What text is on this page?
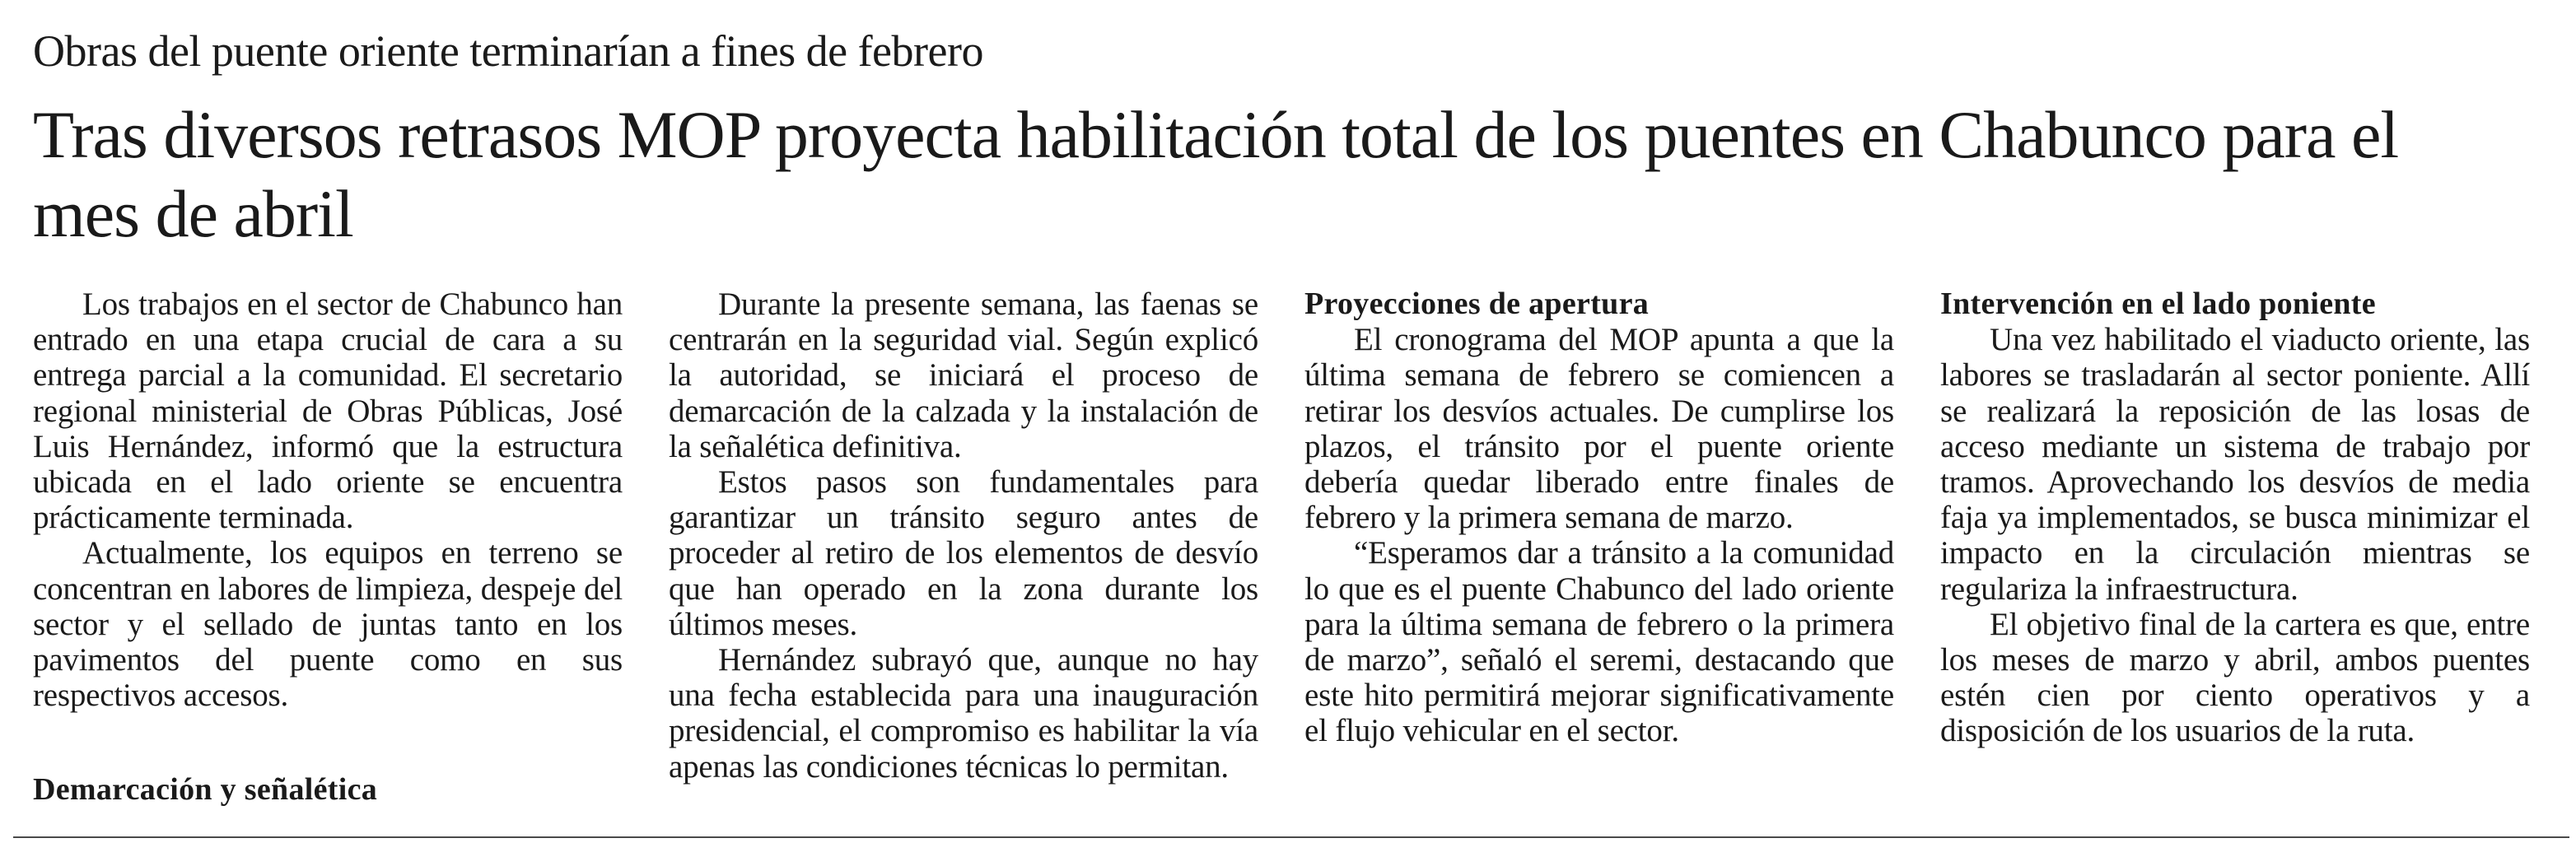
Obras del puente oriente terminarían a fines de febrero
Tras diversos retrasos MOP proyecta habilitación total de los puentes en Chabunco para el mes de abril

Los trabajos en el sector de Chabunco han entrado en una etapa crucial de cara a su entrega parcial a la comunidad. El secretario regional ministerial de Obras Públicas, José Luis Hernández, informó que la estructura ubicada en el lado oriente se encuentra prácticamente terminada.

Actualmente, los equipos en terreno se concentran en labores de limpieza, despeje del sector y el sellado de juntas tanto en los pavimentos del puente como en sus respectivos accesos.

Demarcación y señalética

Durante la presente semana, las faenas se centrarán en la seguridad vial. Según explicó la autoridad, se iniciará el proceso de demarcación de la calzada y la instalación de la señalética definitiva.

Estos pasos son fundamentales para garantizar un tránsito seguro antes de proceder al retiro de los elementos de desvío que han operado en la zona durante los últimos meses.

Hernández subrayó que, aunque no hay una fecha establecida para una inauguración presidencial, el compromiso es habilitar la vía apenas las condiciones técnicas lo permitan.

Proyecciones de apertura

El cronograma del MOP apunta a que la última semana de febrero se comiencen a retirar los desvíos actuales. De cumplirse los plazos, el tránsito por el puente oriente debería quedar liberado entre finales de febrero y la primera semana de marzo.

“Esperamos dar a tránsito a la comunidad lo que es el puente Chabunco del lado oriente para la última semana de febrero o la primera de marzo”, señaló el seremi, destacando que este hito permitirá mejorar significativamente el flujo vehicular en el sector.

Intervención en el lado poniente

Una vez habilitado el viaducto oriente, las labores se trasladarán al sector poniente. Allí se realizará la reposición de las losas de acceso mediante un sistema de trabajo por tramos. Aprovechando los desvíos de media faja ya implementados, se busca minimizar el impacto en la circulación mientras se regulariza la infraestructura.

El objetivo final de la cartera es que, entre los meses de marzo y abril, ambos puentes estén cien por ciento operativos y a disposición de los usuarios de la ruta.
